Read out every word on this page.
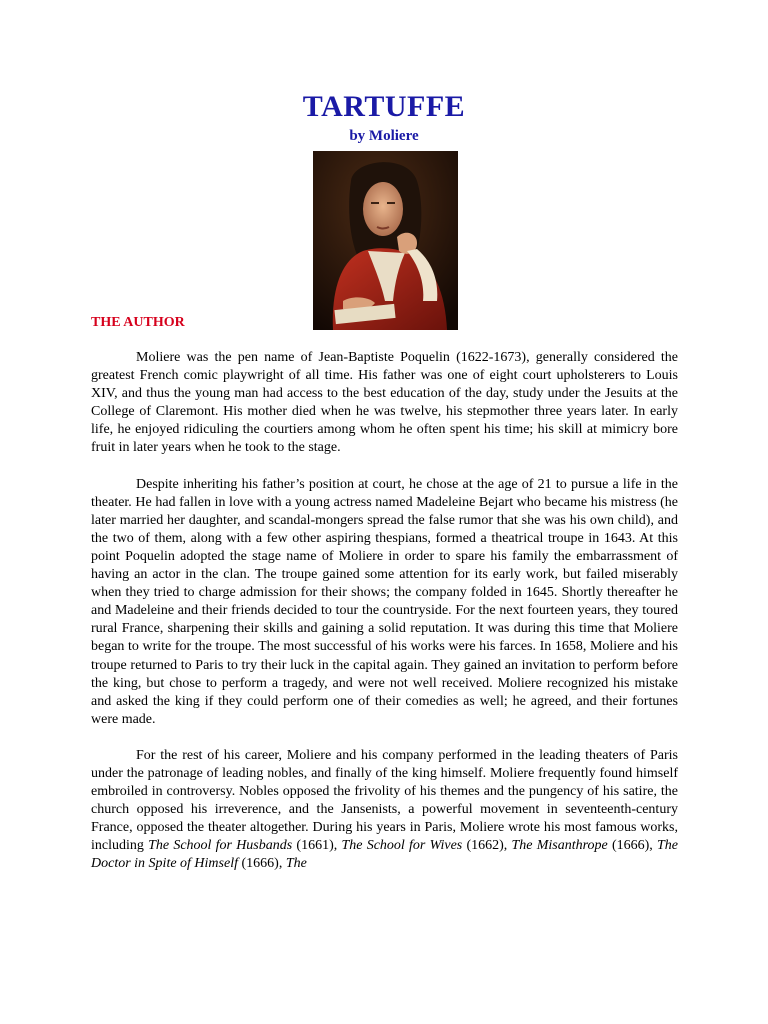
TARTUFFE
by Moliere
THE AUTHOR

Moliere was the pen name of Jean-Baptiste Poquelin (1622-1673), generally considered the greatest French comic playwright of all time. His father was one of eight court upholsterers to Louis XIV, and thus the young man had access to the best education of the day, study under the Jesuits at the College of Claremont. His mother died when he was twelve, his stepmother three years later. In early life, he enjoyed ridiculing the courtiers among whom he often spent his time; his skill at mimicry bore fruit in later years when he took to the stage.

Despite inheriting his father’s position at court, he chose at the age of 21 to pursue a life in the theater. He had fallen in love with a young actress named Madeleine Bejart who became his mistress (he later married her daughter, and scandal-mongers spread the false rumor that she was his own child), and the two of them, along with a few other aspiring thespians, formed a theatrical troupe in 1643. At this point Poquelin adopted the stage name of Moliere in order to spare his family the embarrassment of having an actor in the clan. The troupe gained some attention for its early work, but failed miserably when they tried to charge admission for their shows; the company folded in 1645. Shortly thereafter he and Madeleine and their friends decided to tour the countryside. For the next fourteen years, they toured rural France, sharpening their skills and gaining a solid reputation. It was during this time that Moliere began to write for the troupe. The most successful of his works were his farces. In 1658, Moliere and his troupe returned to Paris to try their luck in the capital again. They gained an invitation to perform before the king, but chose to perform a tragedy, and were not well received. Moliere recognized his mistake and asked the king if they could perform one of their comedies as well; he agreed, and their fortunes were made.

For the rest of his career, Moliere and his company performed in the leading theaters of Paris under the patronage of leading nobles, and finally of the king himself. Moliere frequently found himself embroiled in controversy. Nobles opposed the frivolity of his themes and the pungency of his satire, the church opposed his irreverence, and the Jansenists, a powerful movement in seventeenth-century France, opposed the theater altogether. During his years in Paris, Moliere wrote his most famous works, including The School for Husbands (1661), The School for Wives (1662), The Misanthrope (1666), The Doctor in Spite of Himself (1666), The
